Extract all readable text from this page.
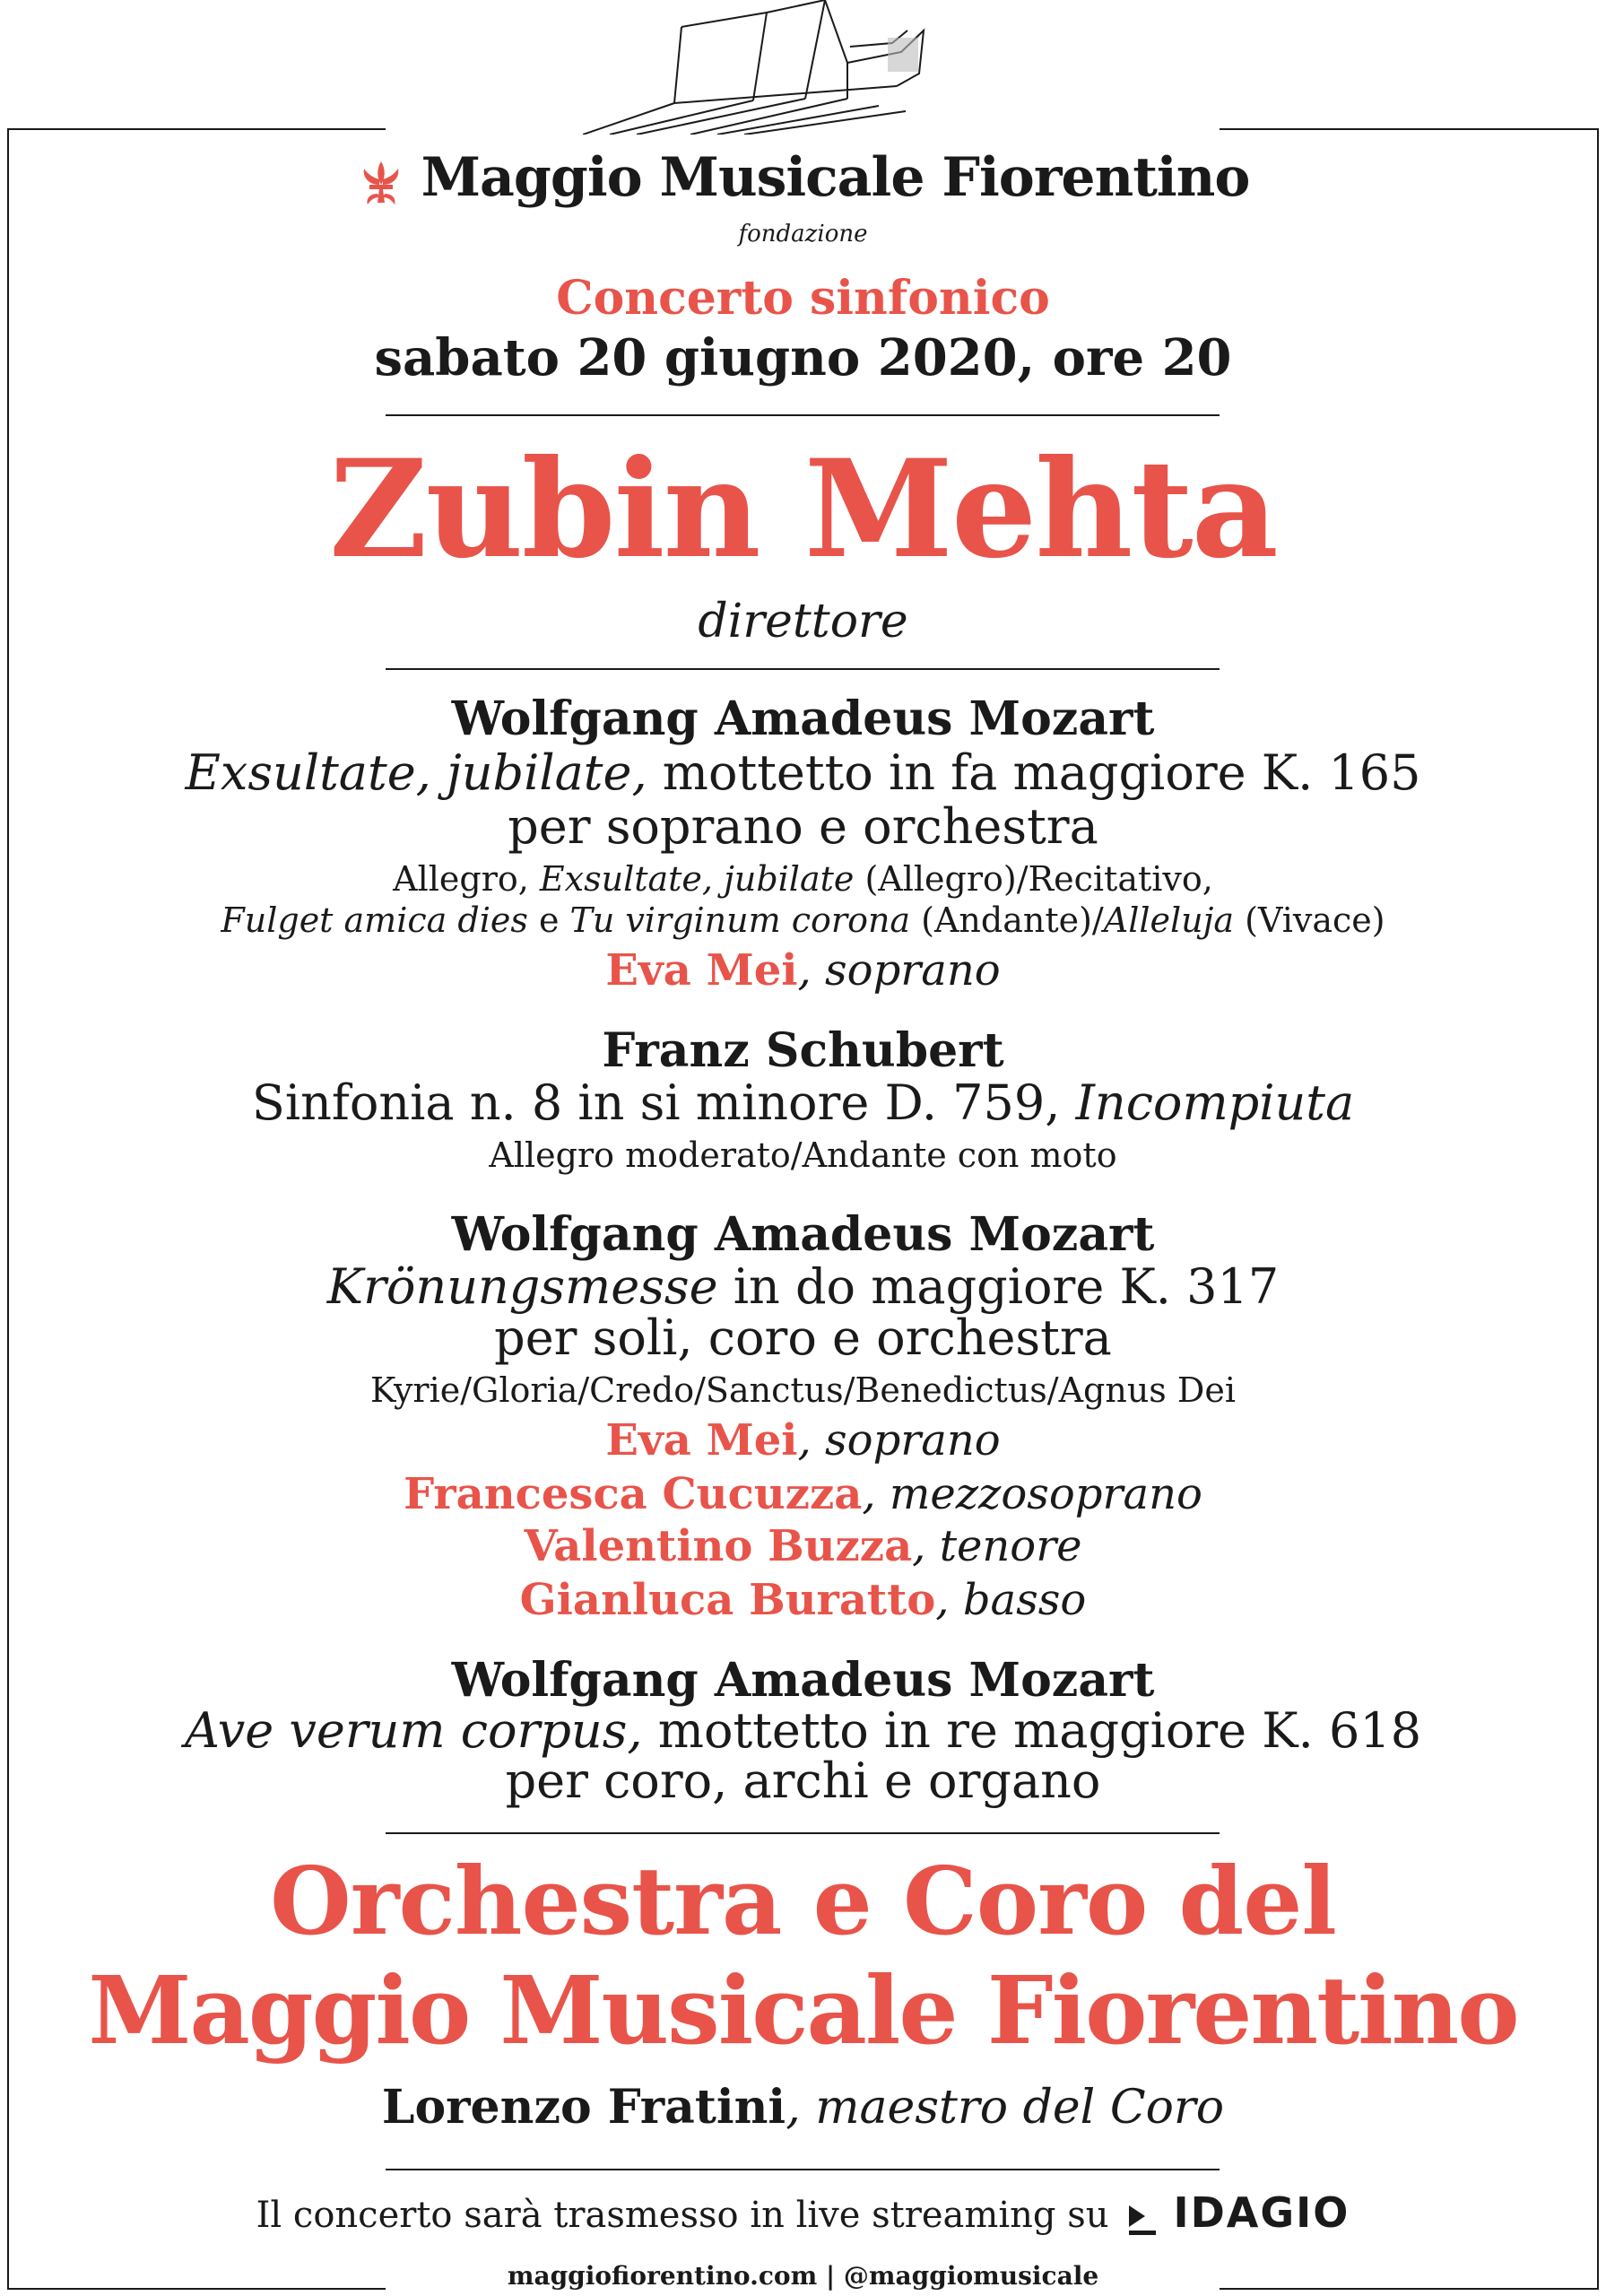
Maggio Musicale Fiorentino
fondazione
Concerto sinfonico
sabato 20 giugno 2020, ore 20
Zubin Mehta
direttore
Wolfgang Amadeus Mozart
Exsultate, jubilate, mottetto in fa maggiore K. 165
per soprano e orchestra
Allegro, Exsultate, jubilate (Allegro)/Recitativo,
Fulget amica dies e Tu virginum corona (Andante)/Alleluja (Vivace)
Eva Mei, soprano
Franz Schubert
Sinfonia n. 8 in si minore D. 759, Incompiuta
Allegro moderato/Andante con moto
Wolfgang Amadeus Mozart
Krönungsmesse in do maggiore K. 317
per soli, coro e orchestra
Kyrie/Gloria/Credo/Sanctus/Benedictus/Agnus Dei
Eva Mei, soprano
Francesca Cucuzza, mezzosoprano
Valentino Buzza, tenore
Gianluca Buratto, basso
Wolfgang Amadeus Mozart
Ave verum corpus, mottetto in re maggiore K. 618
per coro, archi e organo
Orchestra e Coro del
Maggio Musicale Fiorentino
Lorenzo Fratini, maestro del Coro
Il concerto sarà trasmesso in live streaming su IDAGIO
maggiofiorentino.com | @maggiomusicale
